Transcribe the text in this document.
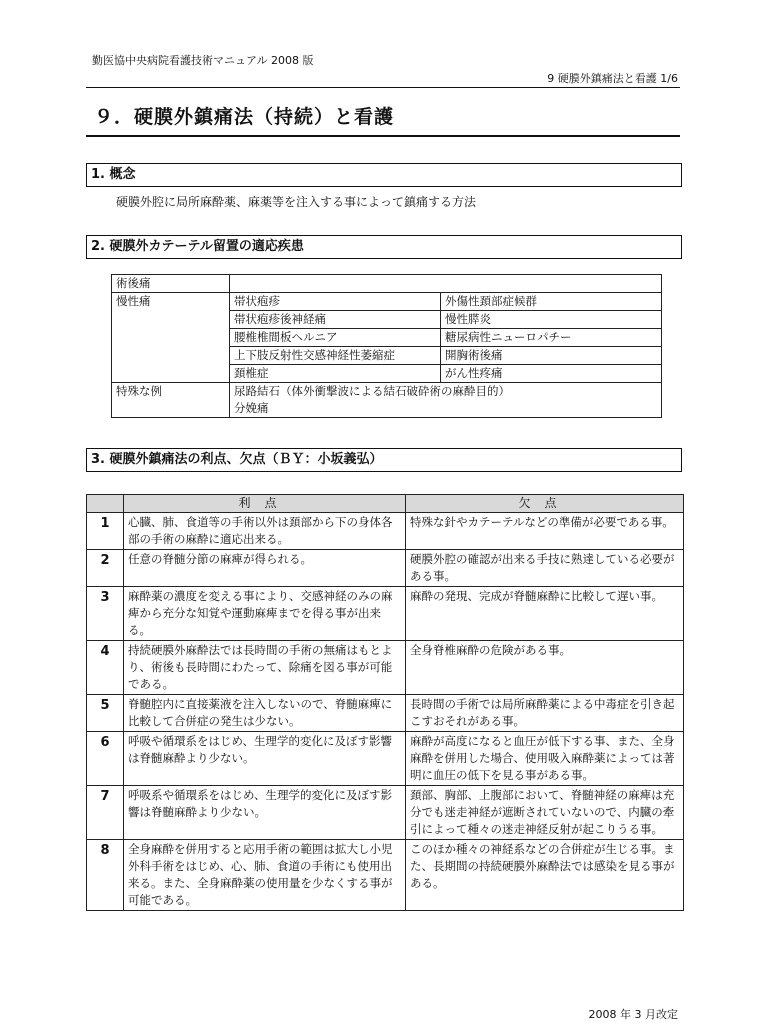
勤医協中央病院看護技術マニュアル 2008 版
9 硬膜外鎮痛法と看護 1/6
９．硬膜外鎮痛法（持続）と看護
1. 概念
硬膜外腔に局所麻酔薬、麻薬等を注入する事によって鎮痛する方法
2. 硬膜外カテーテル留置の適応疾患
術後痛		
慢性痛	帯状疱疹	外傷性頚部症候群
	帯状疱疹後神経痛	慢性膵炎
	腰椎椎間板ヘルニア	糖尿病性ニューロパチー
	上下肢反射性交感神経性萎縮症	開胸術後痛
	頚椎症	がん性疼痛
特殊な例	尿路結石（体外衝撃波による結石破砕術の麻酔目的）分娩痛	
3. 硬膜外鎮痛法の利点、欠点（ＢＹ：小坂義弘）
	利点	欠点
1	心臓、肺、食道等の手術以外は頚部から下の身体各部の手術の麻酔に適応出来る。	特殊な針やカテーテルなどの準備が必要である事。
2	任意の脊髄分節の麻痺が得られる。	硬膜外腔の確認が出来る手技に熟達している必要がある事。
3	麻酔薬の濃度を変える事により、交感神経のみの麻痺から充分な知覚や運動麻痺までを得る事が出来る。	麻酔の発現、完成が脊髄麻酔に比較して遅い事。
4	持続硬膜外麻酔法では長時間の手術の無痛はもとより、術後も長時間にわたって、除痛を図る事が可能である。	全身脊椎麻酔の危険がある事。
5	脊髄腔内に直接薬液を注入しないので、脊髄麻痺に比較して合併症の発生は少ない。	長時間の手術では局所麻酔薬による中毒症を引き起こすおそれがある事。
6	呼吸や循環系をはじめ、生理学的変化に及ぼす影響は脊髄麻酔より少ない。	麻酔が高度になると血圧が低下する事、また、全身麻酔を併用した場合、使用吸入麻酔薬によっては著明に血圧の低下を見る事がある事。
7	呼吸系や循環系をはじめ、生理学的変化に及ぼす影響は脊髄麻酔より少ない。	頚部、胸部、上腹部において、脊髄神経の麻痺は充分でも迷走神経が遮断されていないので、内臓の牽引によって種々の迷走神経反射が起こりうる事。
8	全身麻酔を併用すると応用手術の範囲は拡大し小児外科手術をはじめ、心、肺、食道の手術にも使用出来る。また、全身麻酔薬の使用量を少なくする事が可能である。	このほか種々の神経系などの合併症が生じる事。また、長期間の持続硬膜外麻酔法では感染を見る事がある。
2008 年 3 月改定
